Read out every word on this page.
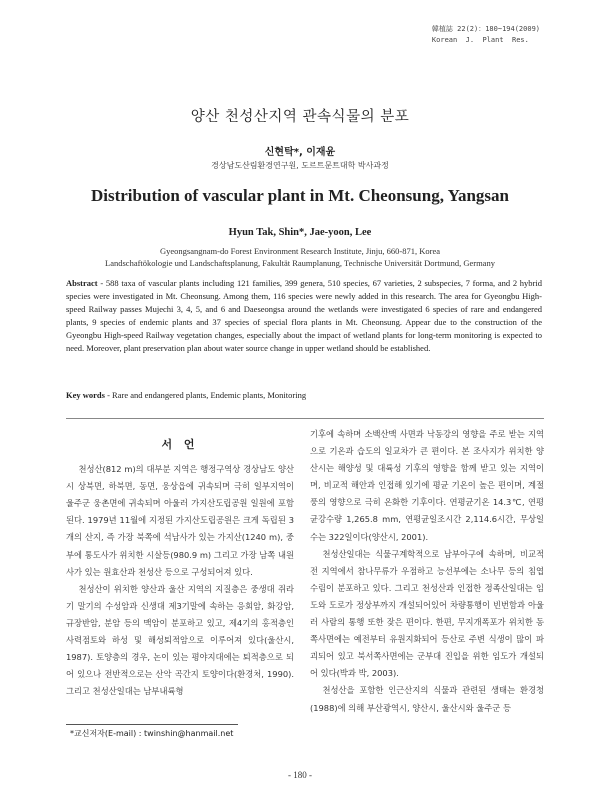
韓植誌 22(2)：180~194(2009)
Korean  J.  Plant  Res.
양산 천성산지역 관속식물의 분포
신현탁*, 이재윤
경상남도산림환경연구원, 도르트문트대학 박사과정
Distribution of vascular plant in Mt. Cheonsung, Yangsan
Hyun Tak, Shin*, Jae-yoon, Lee
Gyeongsangnam-do Forest Environment Research Institute, Jinju, 660-871, Korea
Landschaftökologie und Landschaftsplanung, Fakultät Raumplanung, Technische Universität Dortmund, Germany
Abstract - 588 taxa of vascular plants including 121 families, 399 genera, 510 species, 67 varieties, 2 subspecies, 7 forma, and 2 hybrid species were investigated in Mt. Cheonsung. Among them, 116 species were newly added in this research. The area for Gyeongbu High-speed Railway passes Mujechi 3, 4, 5, and 6 and Daeseongsa around the wetlands were investigated 6 species of rare and endangered plants, 9 species of endemic plants and 37 species of special flora plants in Mt. Cheonsung. Appear due to the construction of the Gyeongbu High-speed Railway vegetation changes, especially about the impact of wetland plants for long-term monitoring is expected to need. Moreover, plant preservation plan about water source change in upper wetland should be established.
Key words - Rare and endangered plants, Endemic plants, Monitoring
서 언

천성산(812 m)의 대부분 지역은 행정구역상 경상남도 양산시 상북면, 하북면, 동면, 웅상읍에 귀속되며 극히 일부지역이 울주군 웅촌면에 귀속되며 아울러 가지산도립공원 일원에 포함된다. 1979년 11월에 지정된 가지산도립공원은 크게 독립된 3개의 산지, 즉 가장 북쪽에 석남사가 있는 가지산(1240 m), 중부에 통도사가 위치한 시살등(980.9 m) 그리고 가장 남쪽 내원사가 있는 원효산과 천성산 등으로 구성되어져 있다.

천성산이 위치한 양산과 울산 지역의 지질층은 중생대 쥐라기 말기의 수성암과 신생대 제3기말에 속하는 응회암, 화강암, 규장반암, 분암 등의 맥암이 분포하고 있고, 제4기의 홍적층인 사력점토와 하성 및 해성퇴적암으로 이루어져 있다(울산시, 1987). 토양층의 경우, 논이 있는 평야지대에는 퇴적층으로 되어 있으나 전반적으로는 산악 곡간지 토양이다(환경처, 1990). 그리고 천성산일대는 남부내륙형

기후에 속하며 소백산맥 사면과 낙동강의 영향을 주로 받는 지역으로 기온과 습도의 일교차가 큰 편이다. 본 조사지가 위치한 양산시는 해양성 및 대륙성 기후의 영향을 함께 받고 있는 지역이며, 비교적 해안과 인접해 있기에 평균 기온이 높은 편이며, 계절풍의 영향으로 극히 온화한 기후이다. 연평균기온 14.3℃, 연평균강수량 1,265.8 mm, 연평균일조시간 2,114.6시간, 무상일수는 322일이다(양산시, 2001).

천성산일대는 식물구계학적으로 남부아구에 속하며, 비교적 전 지역에서 참나무류가 우점하고 능선부에는 소나무 등의 침엽수림이 분포하고 있다. 그리고 천성산과 인접한 정족산일대는 임도와 도로가 정상부까지 개설되어있어 차량통행이 빈번함과 아울러 사람의 통행 또한 잦은 편이다. 한편, 무지개폭포가 위치한 동쪽사면에는 예전부터 유원지화되어 등산로 주변 식생이 많이 파괴되어 있고 북서쪽사면에는 군부대 진입을 위한 임도가 개설되어 있다(박과 박, 2003).

천성산을 포함한 인근산지의 식물과 관련된 생태는 환경청(1988)에 의해 부산광역시, 양산시, 울산시와 울주군 등

*교신저자(E-mail) : twinshin@hanmail.net
- 180 -
